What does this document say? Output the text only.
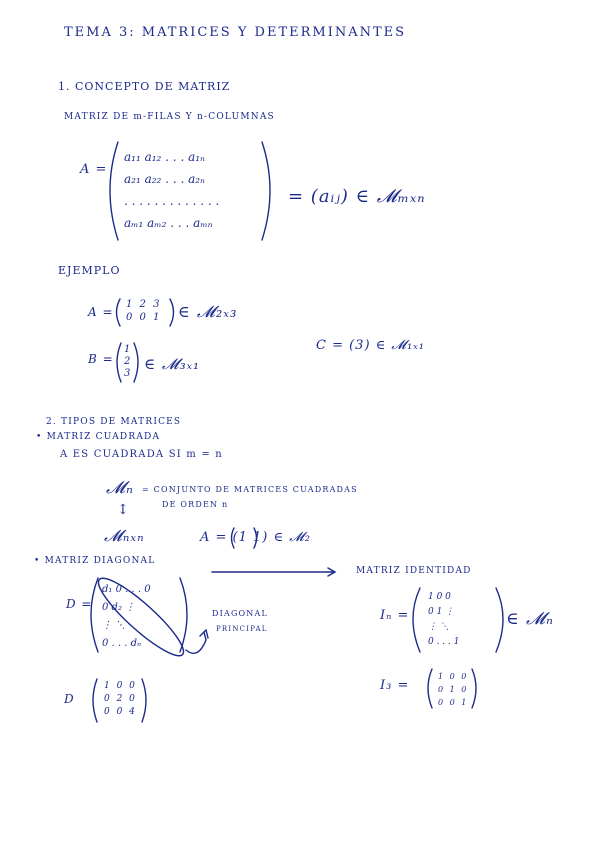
TEMA 3: MATRICES Y DETERMINANTES
1. CONCEPTO DE MATRIZ
MATRIZ DE m-FILAS Y n-COLUMNAS
A =
a₁₁ a₁₂ . . . a₁ₙ
a₂₁ a₂₂ . . . a₂ₙ
. . . . . . . . . . . . .
aₘ₁ aₘ₂ . . . aₘₙ
= (aᵢⱼ) ∈ 𝓜ₘₓₙ
EJEMPLO
A =
1 2 3
0 0 1 ∈ 𝓜₂ₓ₃
B =
1
2
3
∈ 𝓜₃ₓ₁
C = (3) ∈ 𝓜₁ₓ₁
2. TIPOS DE MATRICES
• MATRIZ CUADRADA
A ES CUADRADA SI m = n
𝓜ₙ = CONJUNTO DE MATRICES CUADRADAS
DE ORDEN n
↕
𝓜ₙₓₙ	A = (1 1) ∈ 𝓜₂
• MATRIZ DIAGONAL
MATRIZ IDENTIDAD
D =
d₁ 0 . . . 0
0 d₂ ⋮
⋮ ⋱
0 . . . dₙ
DIAGONAL
PRINCIPAL
D
1 0 0
0 2 0
0 0 4
Iₙ =
1 0 0
0 1 ⋮
⋮ ⋱
0 . . . 1
∈ 𝓜ₙ
I₃ =
1 0 0
0 1 0
0 0 1
